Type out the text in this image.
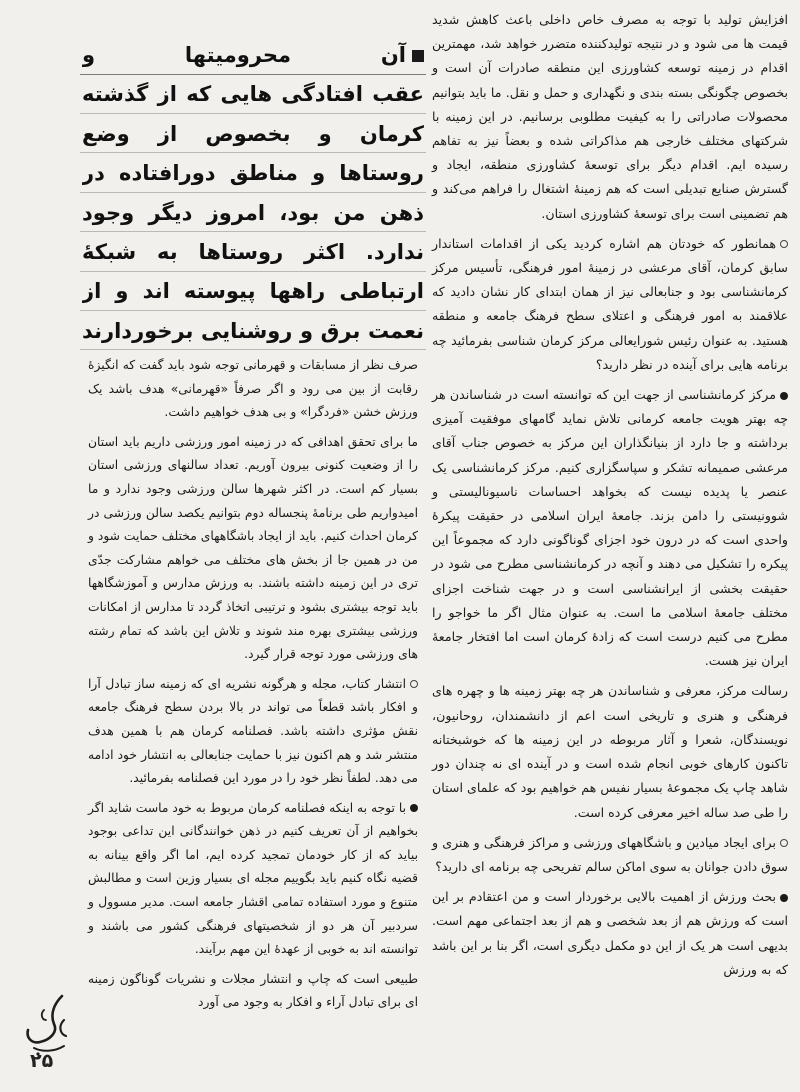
افزایش تولید با توجه به مصرف خاص داخلی باعث کاهش شدید قیمت ها می شود و در نتیجه تولیدکننده متضرر خواهد شد، مهمترین اقدام در زمینه توسعه کشاورزی این منطقه صادرات آن است و بخصوص چگونگی بسته بندی و نگهداری و حمل و نقل. ما باید بتوانیم محصولات صادراتی را به کیفیت مطلوبی برسانیم. در این زمینه با شرکتهای مختلف خارجی هم مذاکراتی شده و بعضاً نیز به تفاهم رسیده ایم. اقدام دیگر برای توسعهٔ کشاورزی منطقه، ایجاد و گسترش صنایع تبدیلی است که هم زمینهٔ اشتغال را فراهم می‌کند و هم تضمینی است برای توسعهٔ کشاورزی استان.

همانطور که خودتان هم اشاره کردید یکی از اقدامات استاندار سابق کرمان، آقای مرعشی در زمینهٔ امور فرهنگی، تأسیس مرکز کرمانشناسی بود و جنابعالی نیز از همان ابتدای کار نشان دادید که علاقمند به امور فرهنگی و اعتلای سطح فرهنگ جامعه و منطقه هستید. به عنوان رئیس شورایعالی مرکز کرمان شناسی بفرمائید چه برنامه هایی برای آینده در نظر دارید؟

مرکز کرمانشناسی از جهت این که توانسته است در شناساندن هر چه بهتر هویت جامعه کرمانی تلاش نماید گامهای موفقیت آمیزی برداشته و جا دارد از بنیانگذاران این مرکز به خصوص جناب آقای مرعشی صمیمانه تشکر و سپاسگزاری کنیم. مرکز کرمانشناسی یک عنصر یا پدیده نیست که بخواهد احساسات ناسیونالیستی و شوونیستی را دامن بزند. جامعهٔ ایران اسلامی در حقیقت پیکرهٔ واحدی است که در درون خود اجزای گوناگونی دارد که مجموعاً این پیکره را تشکیل می دهند و آنچه در کرمانشناسی مطرح می شود در حقیقت بخشی از ایرانشناسی است و در جهت شناخت اجزای مختلف جامعهٔ اسلامی ما است. به عنوان مثال اگر ما خواجو را مطرح می کنیم درست است که زادهٔ کرمان است اما افتخار جامعهٔ ایران نیز هست.

رسالت مرکز، معرفی و شناساندن هر چه بهتر زمینه ها و چهره های فرهنگی و هنری و تاریخی است اعم از دانشمندان، روحانیون، نویسندگان، شعرا و آثار مربوطه در این زمینه ها که خوشبختانه تاکنون کارهای خوبی انجام شده است و در آینده ای نه چندان دور شاهد چاپ یک مجموعهٔ بسیار نفیس هم خواهیم بود که علمای استان را طی صد ساله اخیر معرفی کرده است.

برای ایجاد میادین و باشگاههای ورزشی و مراکز فرهنگی و هنری و سوق دادن جوانان به سوی اماکن سالم تفریحی چه برنامه ای دارید؟

بحث ورزش از اهمیت بالایی برخوردار است و من اعتقادم بر این است که ورزش هم از بعد شخصی و هم از بعد اجتماعی مهم است. بدیهی است هر یک از این دو مکمل دیگری است، اگر بنا بر این باشد که به ورزش

آن محرومیتها و
عقب افتادگی هایی که از گذشته
کرمان و بخصوص از وضع
روستاها و مناطق دورافتاده در
ذهن من بود، امروز دیگر وجود
ندارد. اکثر روستاها به شبکهٔ
ارتباطی راهها پیوسته اند و از
نعمت برق و روشنایی برخوردارند

صرف نظر از مسابقات و قهرمانی توجه شود باید گفت که انگیزهٔ رقابت از بین می رود و اگر صرفاً «قهرمانی» هدف باشد یک ورزش خشن «فردگرا» و بی هدف خواهیم داشت.

ما برای تحقق اهدافی که در زمینه امور ورزشی داریم باید استان را از وضعیت کنونی بیرون آوریم. تعداد سالنهای ورزشی استان بسیار کم است. در اکثر شهرها سالن ورزشی وجود ندارد و ما امیدواریم طی برنامهٔ پنجساله دوم بتوانیم یکصد سالن ورزشی در کرمان احداث کنیم. باید از ایجاد باشگاههای مختلف حمایت شود و من در همین جا از بخش های مختلف می خواهم مشارکت جدّی تری در این زمینه داشته باشند. به ورزش مدارس و آموزشگاهها باید توجه بیشتری بشود و ترتیبی اتخاذ گردد تا مدارس از امکانات ورزشی بیشتری بهره مند شوند و تلاش این باشد که تمام رشته های ورزشی مورد توجه قرار گیرد.

انتشار کتاب، مجله و هرگونه نشریه ای که زمینه ساز تبادل آرا و افکار باشد قطعاً می تواند در بالا بردن سطح فرهنگ جامعه نقش مؤثری داشته باشد. فصلنامه کرمان هم با همین هدف منتشر شد و هم اکنون نیز با حمایت جنابعالی به انتشار خود ادامه می دهد. لطفاً نظر خود را در مورد این فصلنامه بفرمائید.

با توجه به اینکه فصلنامه کرمان مربوط به خود ماست شاید اگر بخواهیم از آن تعریف کنیم در ذهن خوانندگانی این تداعی بوجود بیاید که از کار خودمان تمجید کرده ایم، اما اگر واقع بینانه به قضیه نگاه کنیم باید بگوییم مجله ای بسیار وزین است و مطالبش متنوع و مورد استفاده تمامی اقشار جامعه است. مدیر مسوول و سردبیر آن هر دو از شخصیتهای فرهنگی کشور می باشند و توانسته اند به خوبی از عهدهٔ این مهم برآیند.

طبیعی است که چاپ و انتشار مجلات و نشریات گوناگون زمینه ای برای تبادل آراء و افکار به وجود می آورد

۲۵
